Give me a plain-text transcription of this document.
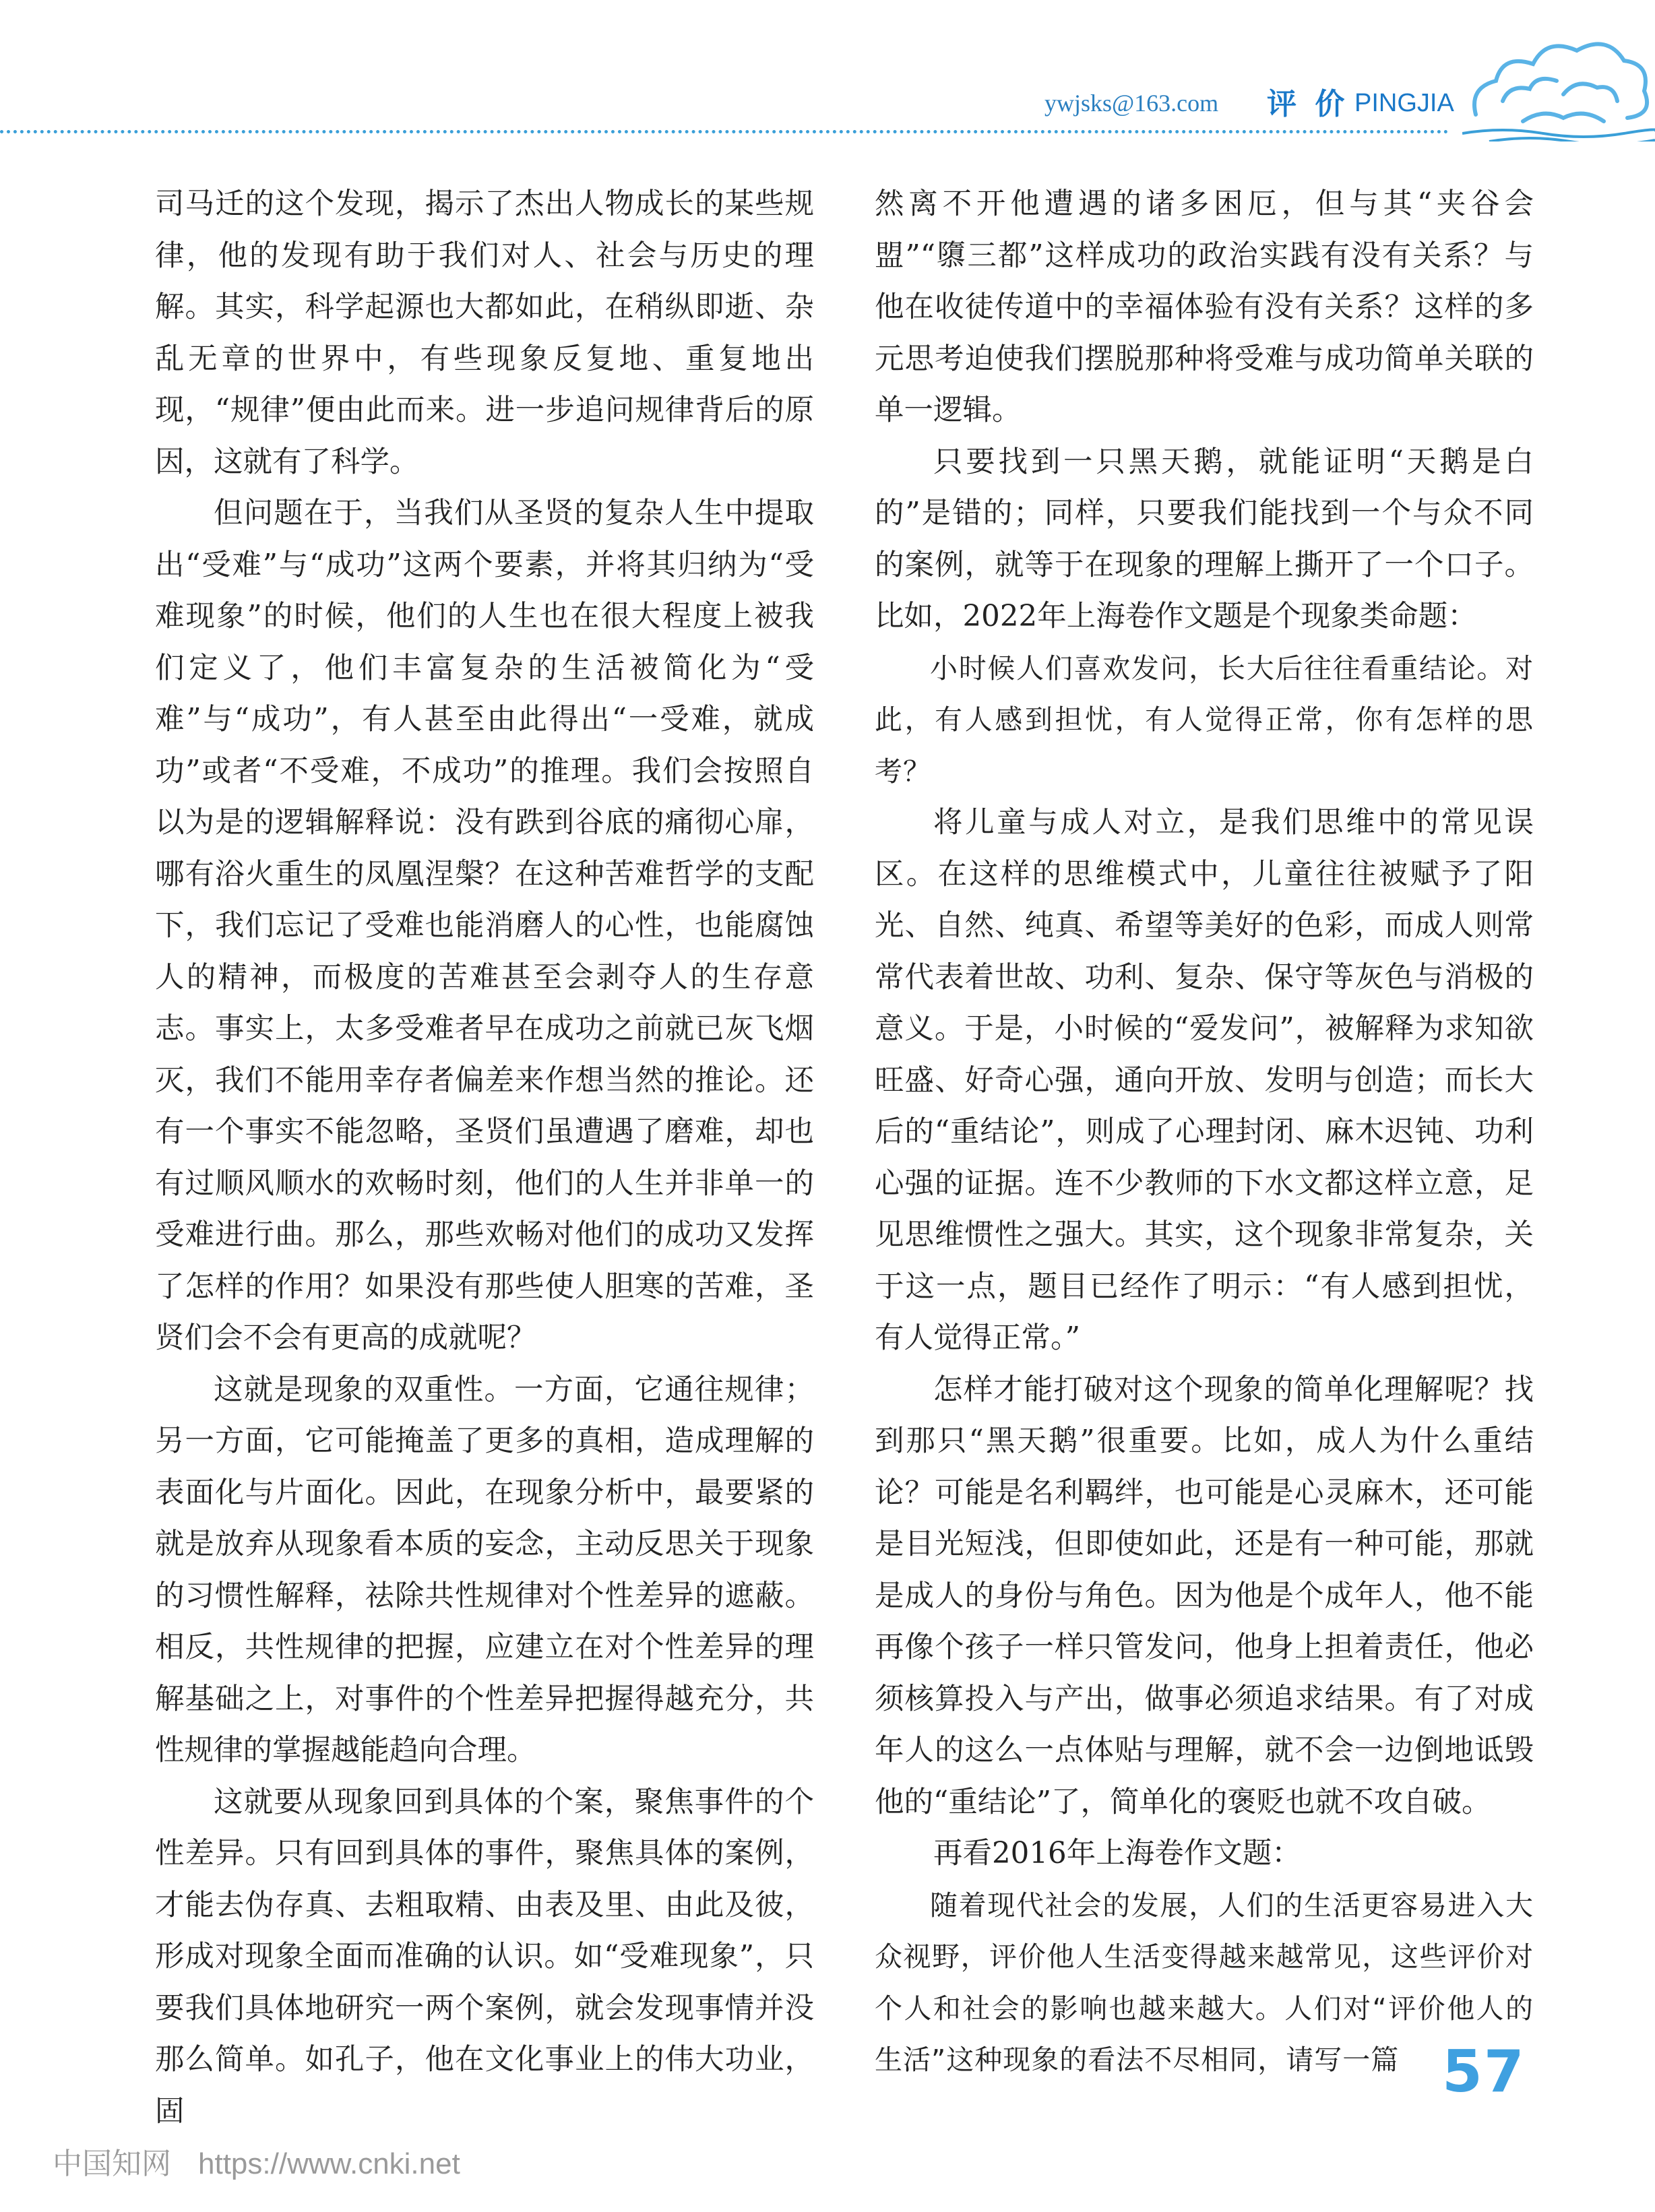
ywjsks@163.com 评 价 PINGJIA

司马迁的这个发现，揭示了杰出人物成长的某些规律，他的发现有助于我们对人、社会与历史的理解。其实，科学起源也大都如此，在稍纵即逝、杂乱无章的世界中，有些现象反复地、重复地出现，“规律”便由此而来。进一步追问规律背后的原因，这就有了科学。

但问题在于，当我们从圣贤的复杂人生中提取出“受难”与“成功”这两个要素，并将其归纳为“受难现象”的时候，他们的人生也在很大程度上被我们定义了，他们丰富复杂的生活被简化为“受难”与“成功”，有人甚至由此得出“一受难，就成功”或者“不受难，不成功”的推理。我们会按照自以为是的逻辑解释说：没有跌到谷底的痛彻心扉，哪有浴火重生的凤凰涅槃？在这种苦难哲学的支配下，我们忘记了受难也能消磨人的心性，也能腐蚀人的精神，而极度的苦难甚至会剥夺人的生存意志。事实上，太多受难者早在成功之前就已灰飞烟灭，我们不能用幸存者偏差来作想当然的推论。还有一个事实不能忽略，圣贤们虽遭遇了磨难，却也有过顺风顺水的欢畅时刻，他们的人生并非单一的受难进行曲。那么，那些欢畅对他们的成功又发挥了怎样的作用？如果没有那些使人胆寒的苦难，圣贤们会不会有更高的成就呢？

这就是现象的双重性。一方面，它通往规律；另一方面，它可能掩盖了更多的真相，造成理解的表面化与片面化。因此，在现象分析中，最要紧的就是放弃从现象看本质的妄念，主动反思关于现象的习惯性解释，祛除共性规律对个性差异的遮蔽。相反，共性规律的把握，应建立在对个性差异的理解基础之上，对事件的个性差异把握得越充分，共性规律的掌握越能趋向合理。

这就要从现象回到具体的个案，聚焦事件的个性差异。只有回到具体的事件，聚焦具体的案例，才能去伪存真、去粗取精、由表及里、由此及彼，形成对现象全面而准确的认识。如“受难现象”，只要我们具体地研究一两个案例，就会发现事情并没那么简单。如孔子，他在文化事业上的伟大功业，固

然离不开他遭遇的诸多困厄，但与其“夹谷会盟”“隳三都”这样成功的政治实践有没有关系？与他在收徒传道中的幸福体验有没有关系？这样的多元思考迫使我们摆脱那种将受难与成功简单关联的单一逻辑。

只要找到一只黑天鹅，就能证明“天鹅是白的”是错的；同样，只要我们能找到一个与众不同的案例，就等于在现象的理解上撕开了一个口子。比如，2022年上海卷作文题是个现象类命题：

小时候人们喜欢发问，长大后往往看重结论。对此，有人感到担忧，有人觉得正常，你有怎样的思考？

将儿童与成人对立，是我们思维中的常见误区。在这样的思维模式中，儿童往往被赋予了阳光、自然、纯真、希望等美好的色彩，而成人则常常代表着世故、功利、复杂、保守等灰色与消极的意义。于是，小时候的“爱发问”，被解释为求知欲旺盛、好奇心强，通向开放、发明与创造；而长大后的“重结论”，则成了心理封闭、麻木迟钝、功利心强的证据。连不少教师的下水文都这样立意，足见思维惯性之强大。其实，这个现象非常复杂，关于这一点，题目已经作了明示：“有人感到担忧，有人觉得正常。”

怎样才能打破对这个现象的简单化理解呢？找到那只“黑天鹅”很重要。比如，成人为什么重结论？可能是名利羁绊，也可能是心灵麻木，还可能是目光短浅，但即使如此，还是有一种可能，那就是成人的身份与角色。因为他是个成年人，他不能再像个孩子一样只管发问，他身上担着责任，他必须核算投入与产出，做事必须追求结果。有了对成年人的这么一点体贴与理解，就不会一边倒地诋毁他的“重结论”了，简单化的褒贬也就不攻自破。

再看2016年上海卷作文题：

随着现代社会的发展，人们的生活更容易进入大众视野，评价他人生活变得越来越常见，这些评价对个人和社会的影响也越来越大。人们对“评价他人的生活”这种现象的看法不尽相同，请写一篇 57
中国知网 https://www.cnki.net
